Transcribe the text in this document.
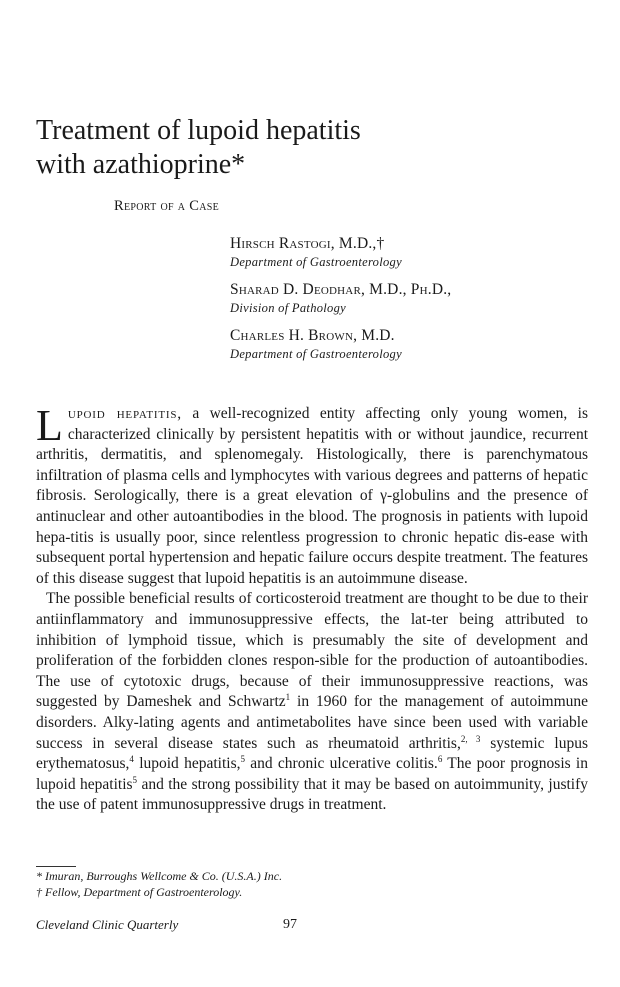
Treatment of lupoid hepatitis
with azathioprine*
Report of a Case
Hirsch Rastogi, M.D.,†
Department of Gastroenterology
Sharad D. Deodhar, M.D., Ph.D.,
Division of Pathology
Charles H. Brown, M.D.
Department of Gastroenterology

Lupoid hepatitis, a well-recognized entity affecting only young women, is characterized clinically by persistent hepatitis with or without jaundice, recurrent arthritis, dermatitis, and splenomegaly. Histologically, there is parenchymatous infiltration of plasma cells and lymphocytes with various degrees and patterns of hepatic fibrosis. Serologically, there is a great elevation of γ-globulins and the presence of antinuclear and other autoantibodies in the blood. The prognosis in patients with lupoid hepa-titis is usually poor, since relentless progression to chronic hepatic dis-ease with subsequent portal hypertension and hepatic failure occurs despite treatment. The features of this disease suggest that lupoid hepatitis is an autoimmune disease.

The possible beneficial results of corticosteroid treatment are thought to be due to their antiinflammatory and immunosuppressive effects, the lat-ter being attributed to inhibition of lymphoid tissue, which is presumably the site of development and proliferation of the forbidden clones respon-sible for the production of autoantibodies. The use of cytotoxic drugs, because of their immunosuppressive reactions, was suggested by Dameshek and Schwartz$^1$ in 1960 for the management of autoimmune disorders. Alky-lating agents and antimetabolites have since been used with variable success in several disease states such as rheumatoid arthritis,$^{2, 3}$ systemic lupus erythematosus,$^4$ lupoid hepatitis,$^5$ and chronic ulcerative colitis.$^6$ The poor prognosis in lupoid hepatitis$^5$ and the strong possibility that it may be based on autoimmunity, justify the use of patent immunosuppressive drugs in treatment.

* Imuran, Burroughs Wellcome & Co. (U.S.A.) Inc.
† Fellow, Department of Gastroenterology.
Cleveland Clinic Quarterly	97
